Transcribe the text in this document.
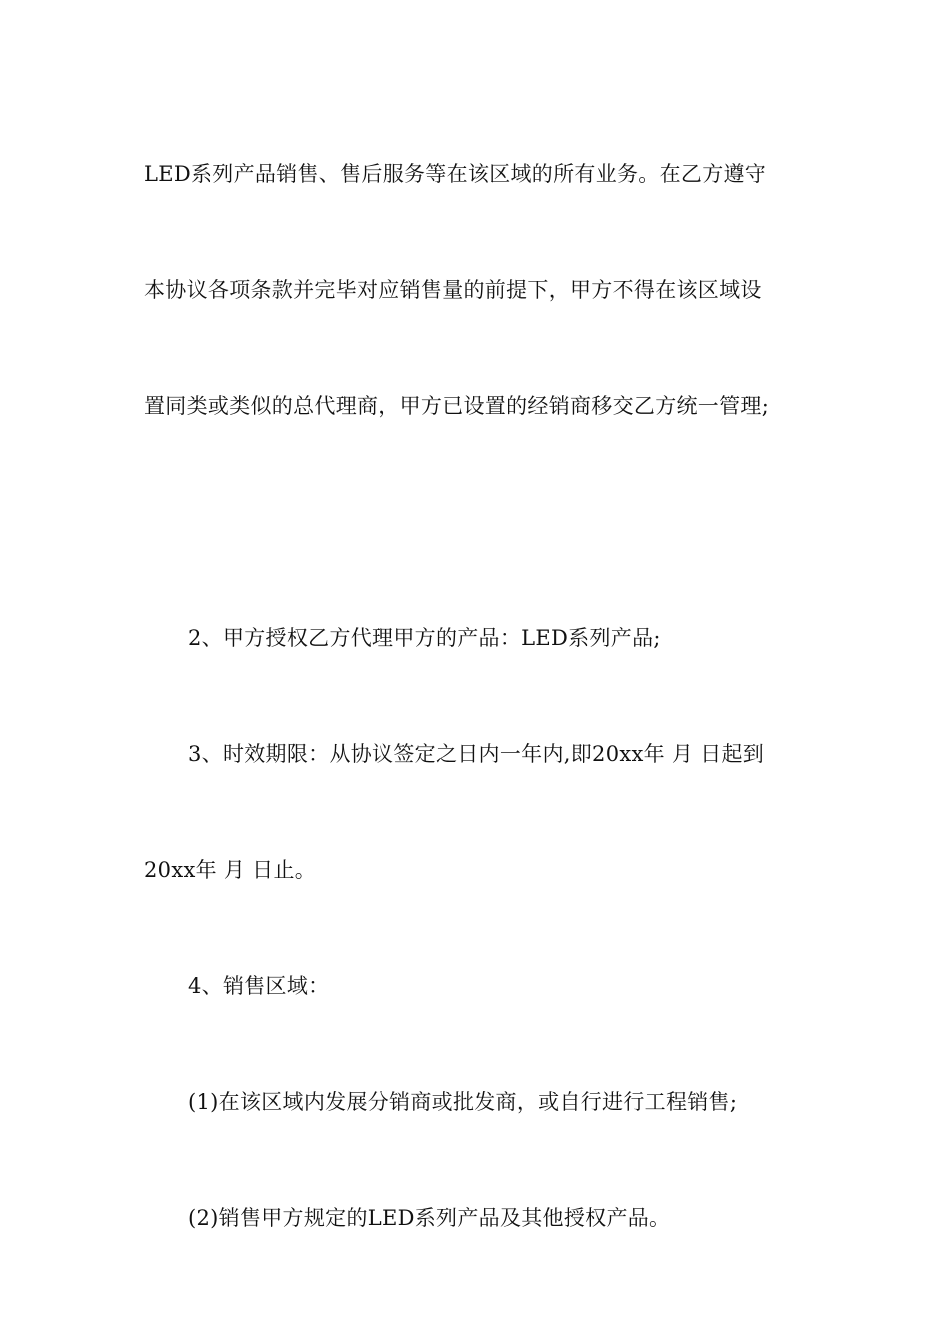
LED系列产品销售、售后服务等在该区域的所有业务。在乙方遵守

本协议各项条款并完毕对应销售量的前提下，甲方不得在该区域设

置同类或类似的总代理商，甲方已设置的经销商移交乙方统一管理;

2、甲方授权乙方代理甲方的产品：LED系列产品;

3、时效期限：从协议签定之日内一年内,即20xx年 月 日起到

20xx年 月 日止。

4、销售区域：

(1)在该区域内发展分销商或批发商，或自行进行工程销售;

(2)销售甲方规定的LED系列产品及其他授权产品。
